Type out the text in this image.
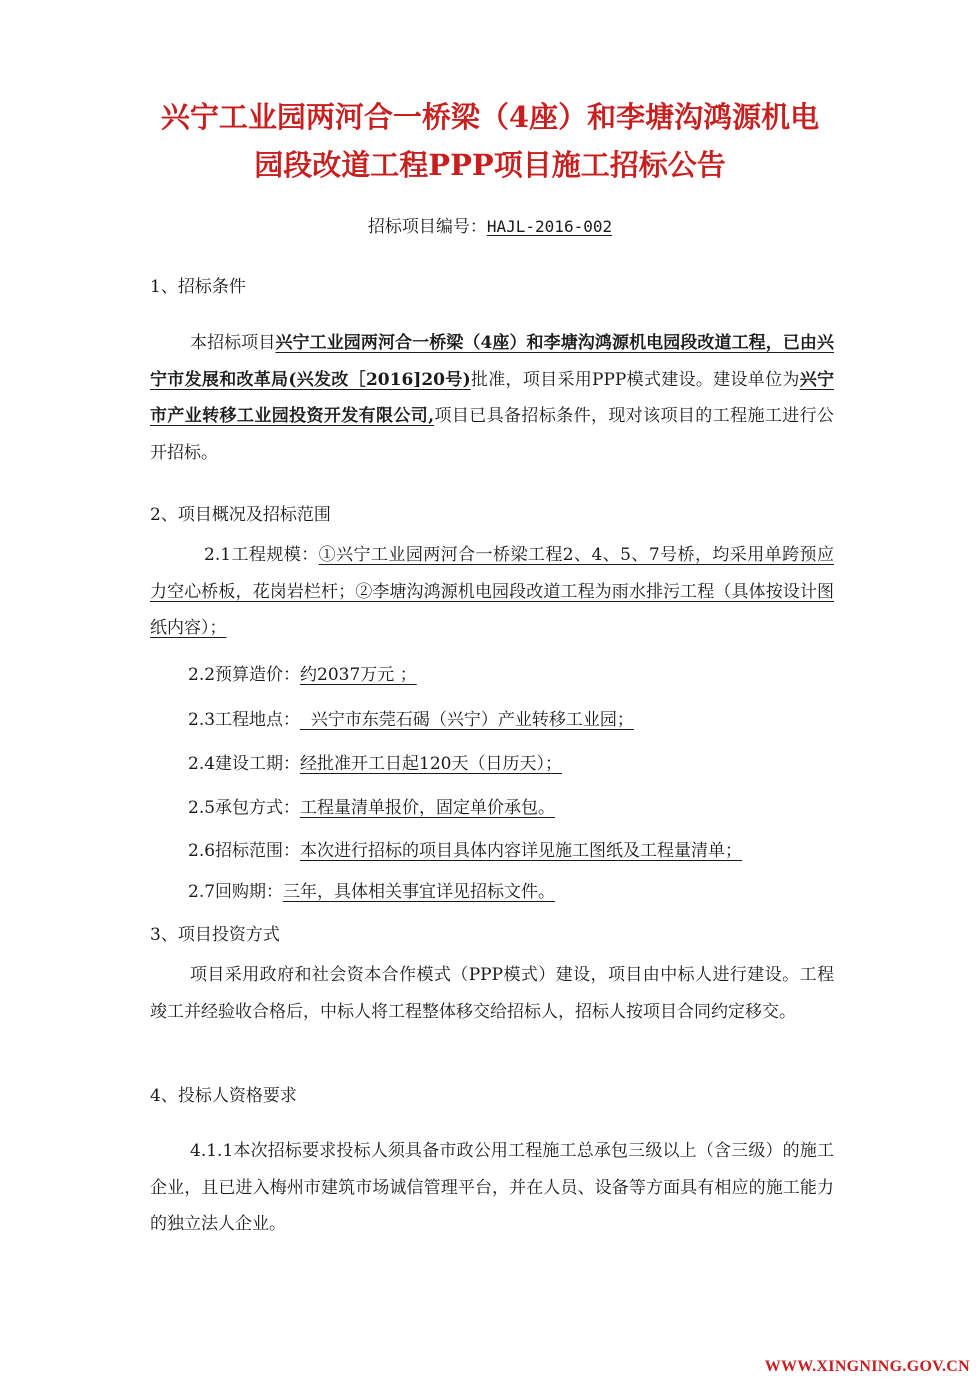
兴宁工业园两河合一桥梁（4座）和李塘沟鸿源机电
园段改道工程PPP项目施工招标公告
招标项目编号：HAJL-2016-002

1、招标条件

本招标项目兴宁工业园两河合一桥梁（4座）和李塘沟鸿源机电园段改道工程，已由兴宁市发展和改革局(兴发改［2016]20号)批准，项目采用PPP模式建设。建设单位为兴宁市产业转移工业园投资开发有限公司,项目已具备招标条件，现对该项目的工程施工进行公开招标。

2、项目概况及招标范围

2.1工程规模：①兴宁工业园两河合一桥梁工程2、4、5、7号桥，均采用单跨预应力空心桥板，花岗岩栏杆；②李塘沟鸿源机电园段改道工程为雨水排污工程（具体按设计图纸内容）；

2.2预算造价：约2037万元 ；
2.3工程地点：  兴宁市东莞石碣（兴宁）产业转移工业园；
2.4建设工期：经批准开工日起120天（日历天）；
2.5承包方式：工程量清单报价，固定单价承包。
2.6招标范围：本次进行招标的项目具体内容详见施工图纸及工程量清单；
2.7回购期：三年，具体相关事宜详见招标文件。

3、项目投资方式

项目采用政府和社会资本合作模式（PPP模式）建设，项目由中标人进行建设。工程竣工并经验收合格后，中标人将工程整体移交给招标人，招标人按项目合同约定移交。

4、投标人资格要求

4.1.1本次招标要求投标人须具备市政公用工程施工总承包三级以上（含三级）的施工企业，且已进入梅州市建筑市场诚信管理平台，并在人员、设备等方面具有相应的施工能力的独立法人企业。

WWW.XINGNING.GOV.CN
